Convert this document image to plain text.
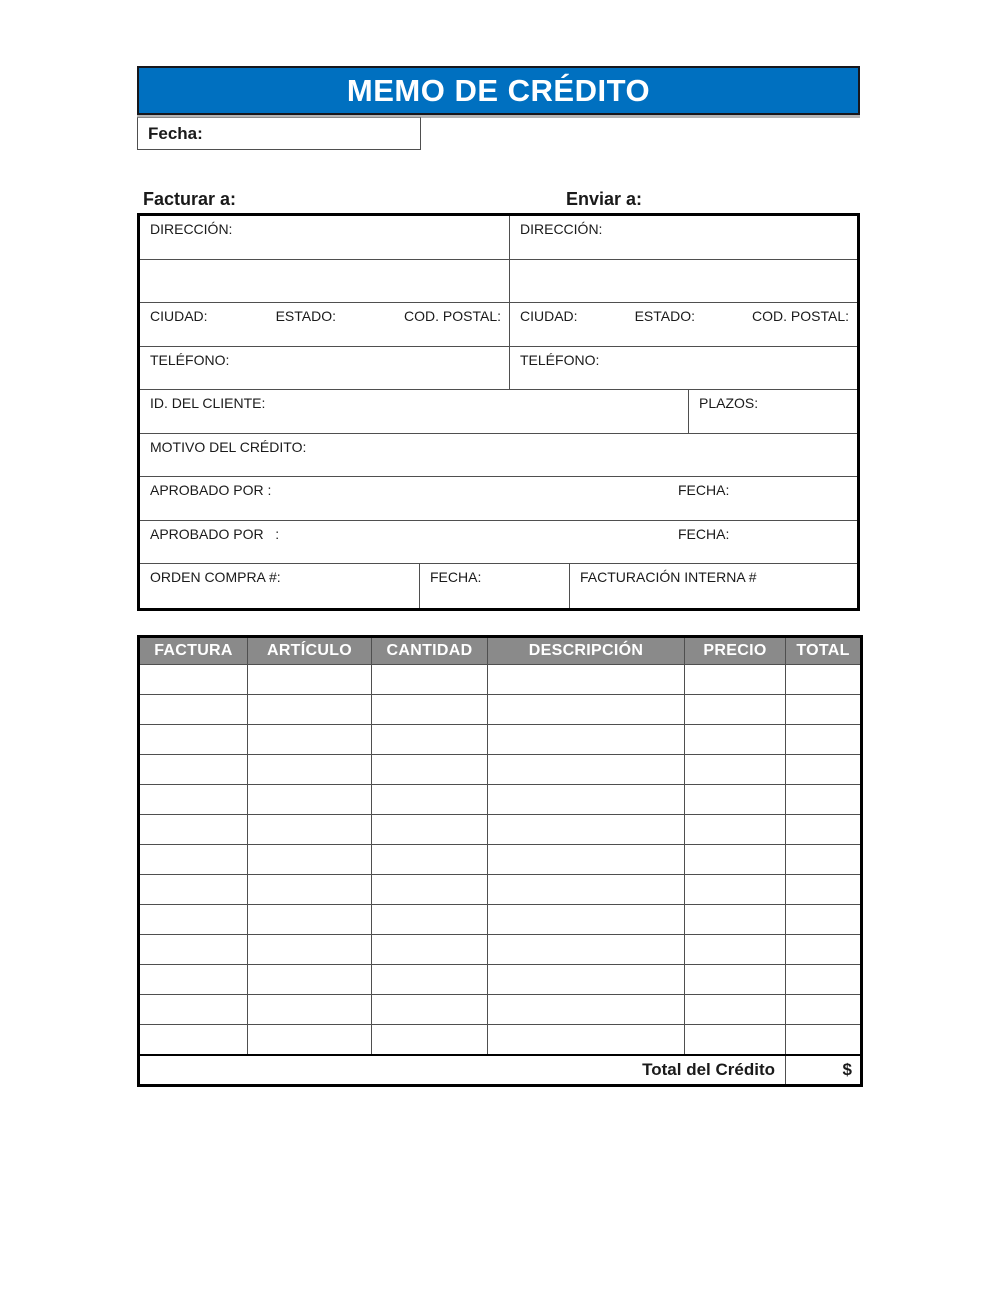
MEMO DE CRÉDITO
Fecha:
Facturar a:	Enviar a:
DIRECCIÓN:	DIRECCIÓN:
CIUDAD:	ESTADO:	COD. POSTAL: CIUDAD:	ESTADO:	COD. POSTAL:
TELÉFONO:	TELÉFONO:
ID. DEL CLIENTE:	PLAZOS:
MOTIVO DEL CRÉDITO:
APROBADO POR :	FECHA:
APROBADO POR   :	FECHA:
ORDEN COMPRA #:	FECHA:	FACTURACIÓN INTERNA #
FACTURA	ARTÍCULO	CANTIDAD	DESCRIPCIÓN	PRECIO	TOTAL

Total del Crédito					$
